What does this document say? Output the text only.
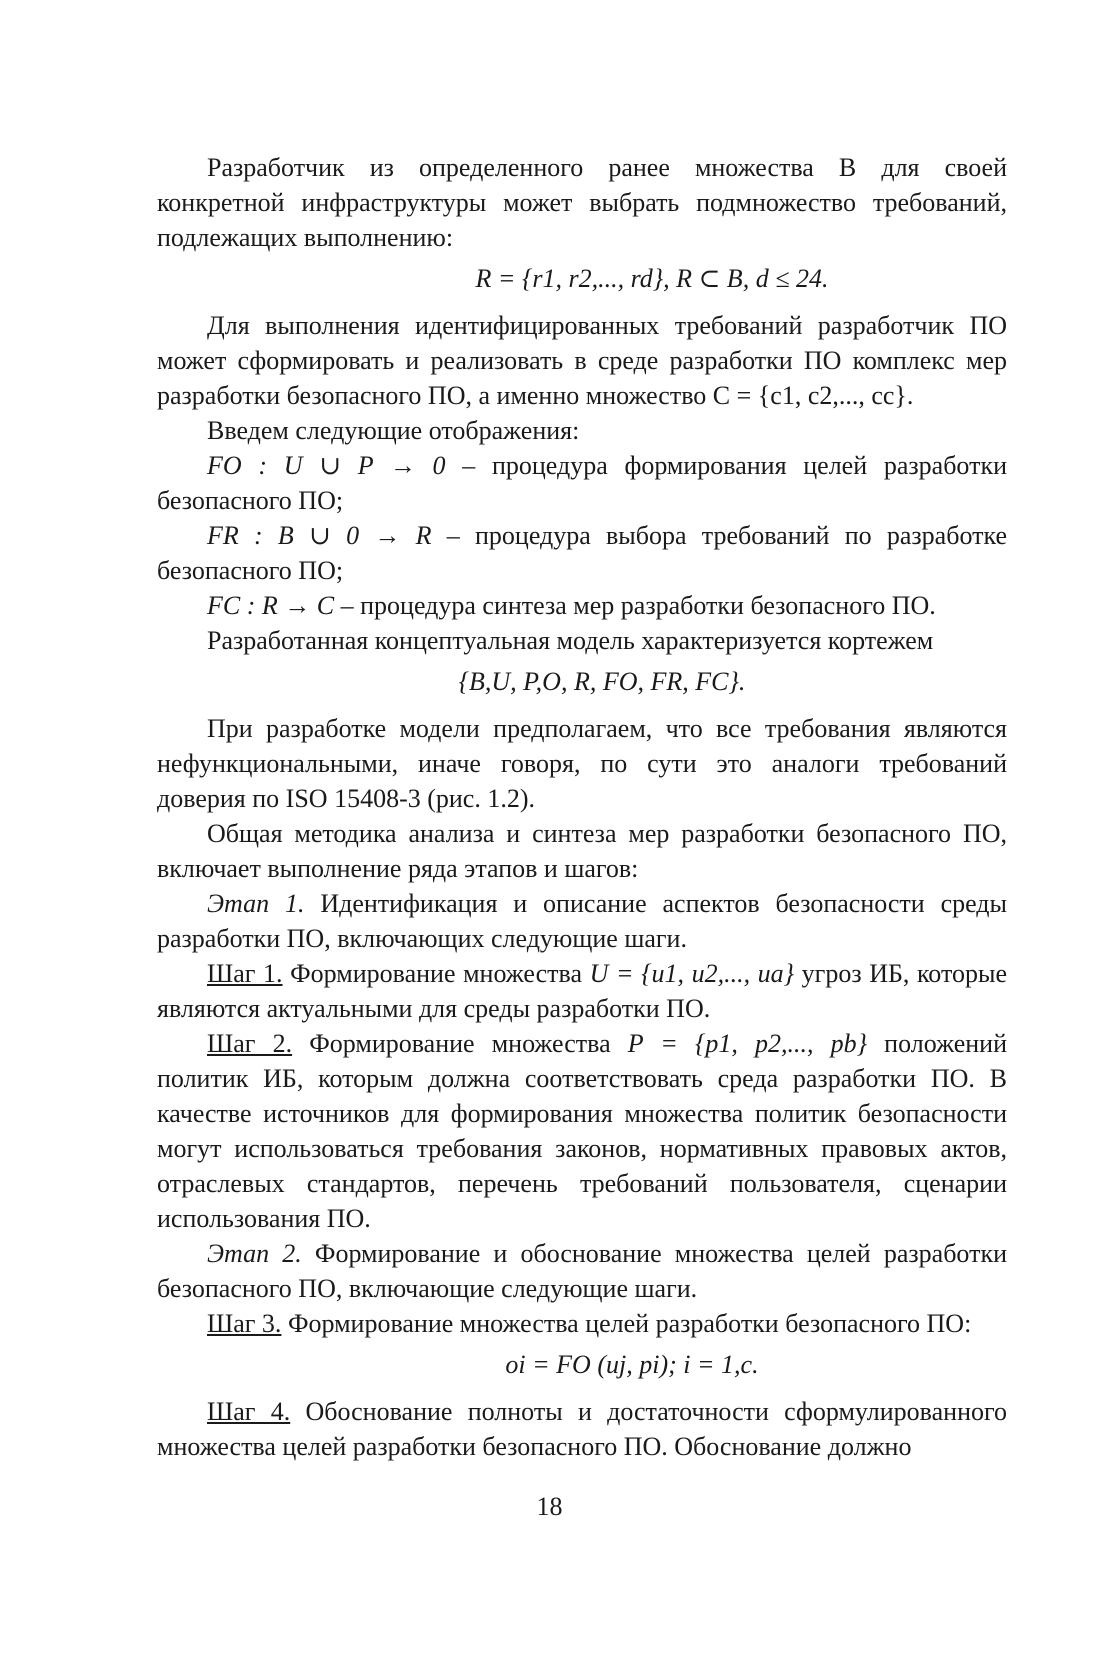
Разработчик из определенного ранее множества B для своей конкретной инфраструктуры может выбрать подмножество требований, подлежащих выполнению:

R = {r1, r2,..., rd}, R ⊂ B, d ≤ 24.

Для выполнения идентифицированных требований разработчик ПО может сформировать и реализовать в среде разработки ПО комплекс мер разработки безопасного ПО, а именно множество C = {c1, c2,..., cc}.

Введем следующие отображения:

FO : U ∪ P → 0 – процедура формирования целей разработки безопасного ПО;

FR : B ∪ 0 → R – процедура выбора требований по разработке безопасного ПО;

FC : R → C – процедура синтеза мер разработки безопасного ПО.

Разработанная концептуальная модель характеризуется кортежем

{B,U, P,O, R, FO, FR, FC}.

При разработке модели предполагаем, что все требования являются нефункциональными, иначе говоря, по сути это аналоги требований доверия по ISO 15408-3 (рис. 1.2).

Общая методика анализа и синтеза мер разработки безопасного ПО, включает выполнение ряда этапов и шагов:

Этап 1. Идентификация и описание аспектов безопасности среды разработки ПО, включающих следующие шаги.

Шаг 1. Формирование множества U = {u1, u2,..., ua} угроз ИБ, которые являются актуальными для среды разработки ПО.

Шаг 2. Формирование множества P = {p1, p2,..., pb} положений политик ИБ, которым должна соответствовать среда разработки ПО. В качестве источников для формирования множества политик безопасности могут использоваться требования законов, нормативных правовых актов, отраслевых стандартов, перечень требований пользователя, сценарии использования ПО.

Этап 2. Формирование и обоснование множества целей разработки безопасного ПО, включающие следующие шаги.

Шаг 3. Формирование множества целей разработки безопасного ПО:

oi = FO (uj, pi); i = 1,c.

Шаг 4. Обоснование полноты и достаточности сформулированного множества целей разработки безопасного ПО. Обоснование должно

18
